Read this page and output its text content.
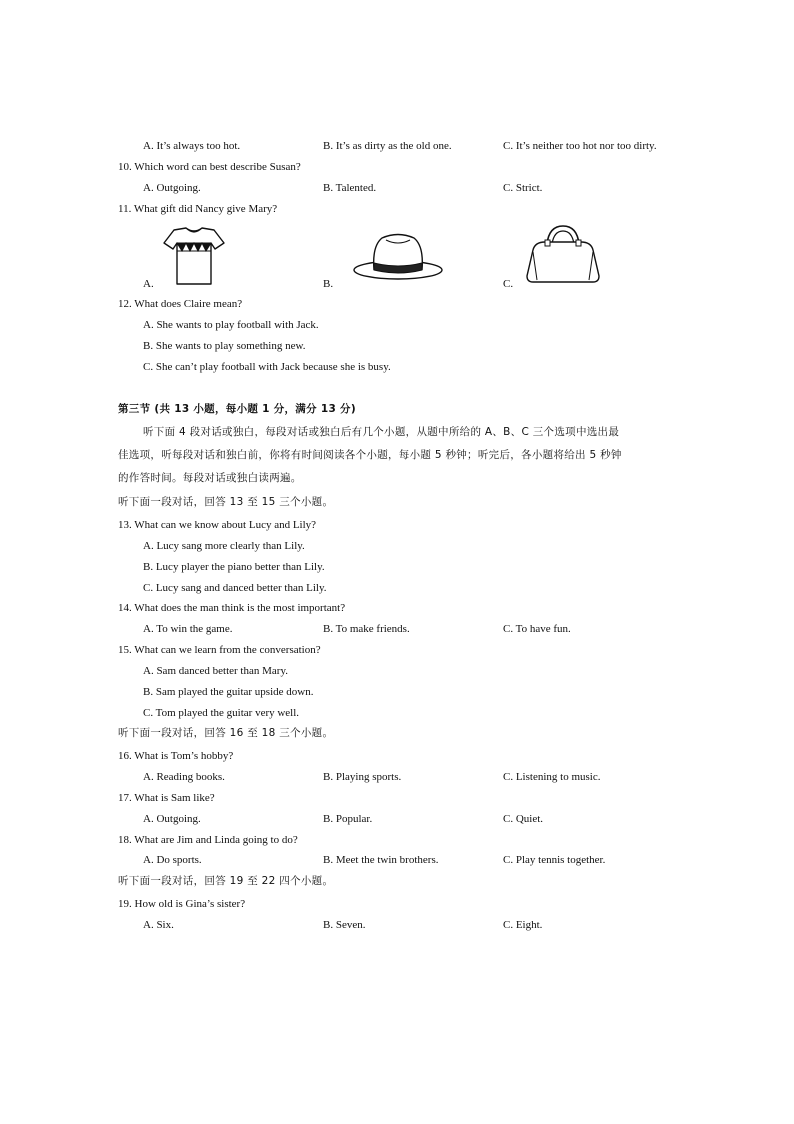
A. It’s always too hot.	B. It’s as dirty as the old one.	C. It’s neither too hot nor too dirty.
10. Which word can best describe Susan?
A. Outgoing.	B. Talented.	C. Strict.
11. What gift did Nancy give Mary?
A.	B.	C.
12. What does Claire mean?
A. She wants to play football with Jack.
B. She wants to play something new.
C. She can’t play football with Jack because she is busy.
第三节 (共 13 小题，每小题 1 分，满分 13 分)
听下面 4 段对话或独白，每段对话或独白后有几个小题，从题中所给的 A、B、C 三个选项中选出最
佳选项，听每段对话和独白前，你将有时间阅读各个小题，每小题 5 秒钟；听完后，各小题将给出 5 秒钟
的作答时间。每段对话或独白读两遍。
听下面一段对话，回答 13 至 15 三个小题。
13. What can we know about Lucy and Lily?
A. Lucy sang more clearly than Lily.
B. Lucy player the piano better than Lily.
C. Lucy sang and danced better than Lily.
14. What does the man think is the most important?
A. To win the game.	B. To make friends.	C. To have fun.
15. What can we learn from the conversation?
A. Sam danced better than Mary.
B. Sam played the guitar upside down.
C. Tom played the guitar very well.
听下面一段对话，回答 16 至 18 三个小题。
16. What is Tom’s hobby?
A. Reading books.	B. Playing sports.	C. Listening to music.
17. What is Sam like?
A. Outgoing.	B. Popular.	C. Quiet.
18. What are Jim and Linda going to do?
A. Do sports.	B. Meet the twin brothers.	C. Play tennis together.
听下面一段对话，回答 19 至 22 四个小题。
19. How old is Gina’s sister?
A. Six.	B. Seven.	C. Eight.
